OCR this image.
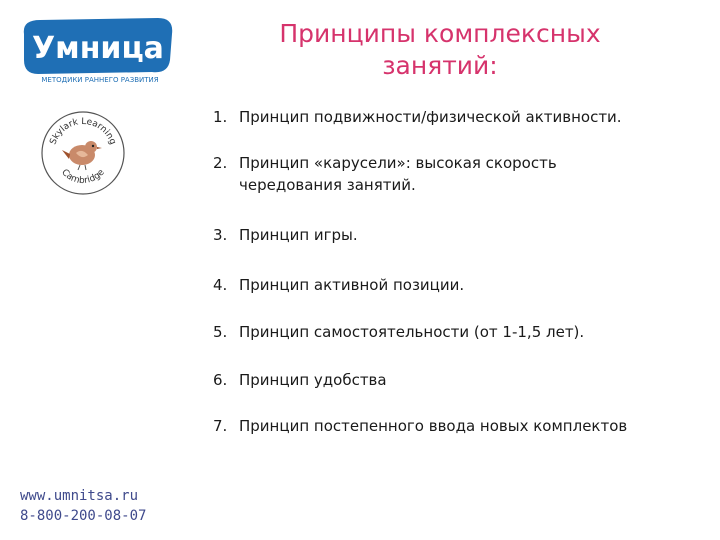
Умница
МЕТОДИКИ РАННЕГО РАЗВИТИЯ
Skylark Learning
Cambridge
Принципы комплексных
занятий:
1. Принцип подвижности/физической активности.
2. Принцип «карусели»: высокая скорость
чередования занятий.
3. Принцип игры.
4. Принцип активной позиции.
5. Принцип самостоятельности (от 1-1,5 лет).
6. Принцип удобства
7. Принцип постепенного ввода новых комплектов
www.umnitsa.ru
8-800-200-08-07
